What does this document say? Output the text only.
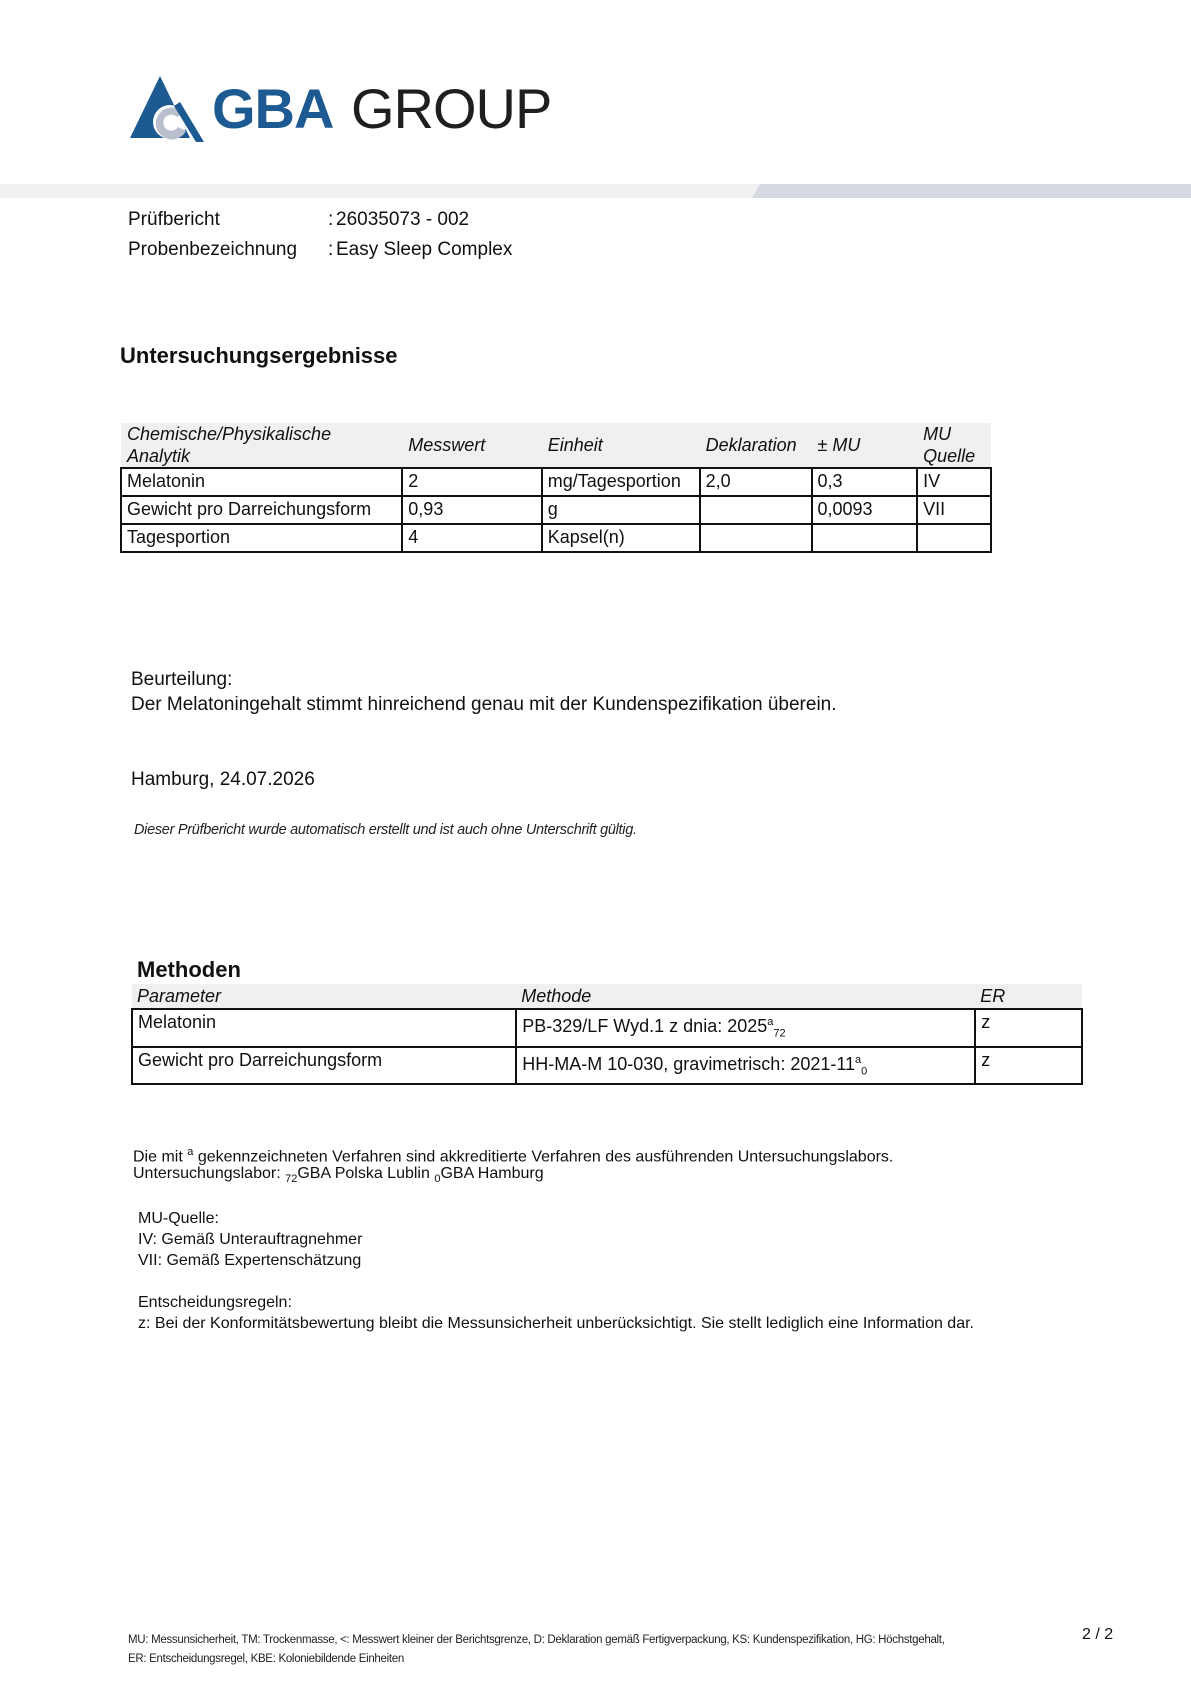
GBA GROUP
Prüfbericht	: 26035073 - 002
Probenbezeichnung : Easy Sleep Complex
Untersuchungsergebnisse
Chemische/Physikalische
Analytik	Messwert	Einheit	Deklaration	± MU	MU
Quelle

Melatonin	2	mg/Tagesportion	2,0	0,3	IV
Gewicht pro Darreichungsform	0,93	g		0,0093	VII
Tagesportion	4	Kapsel(n)			
Beurteilung:
Der Melatoningehalt stimmt hinreichend genau mit der Kundenspezifikation überein.
Hamburg, 24.07.2026
Dieser Prüfbericht wurde automatisch erstellt und ist auch ohne Unterschrift gültig.
Methoden
Parameter	Methode	ER
Melatonin	PB-329/LF Wyd.1 z dnia: $2025^a_{72}$	z
Gewicht pro Darreichungsform	HH-MA-M 10-030, gravimetrisch: $2021-11^a_0$	z
Die mit $^a$ gekennzeichneten Verfahren sind akkreditierte Verfahren des ausführenden Untersuchungslabors.
Untersuchungslabor: $_{72}$GBA Polska Lublin $_0$GBA Hamburg
MU-Quelle:
IV: Gemäß Unterauftragnehmer
VII: Gemäß Expertenschätzung
Entscheidungsregeln:
z: Bei der Konformitätsbewertung bleibt die Messunsicherheit unberücksichtigt. Sie stellt lediglich eine Information dar.
MU: Messunsicherheit, TM: Trockenmasse, <: Messwert kleiner der Berichtsgrenze, D: Deklaration gemäß Fertigverpackung, KS: Kundenspezifikation, HG: Höchstgehalt,
ER: Entscheidungsregel, KBE: Koloniebildende Einheiten
2 / 2
